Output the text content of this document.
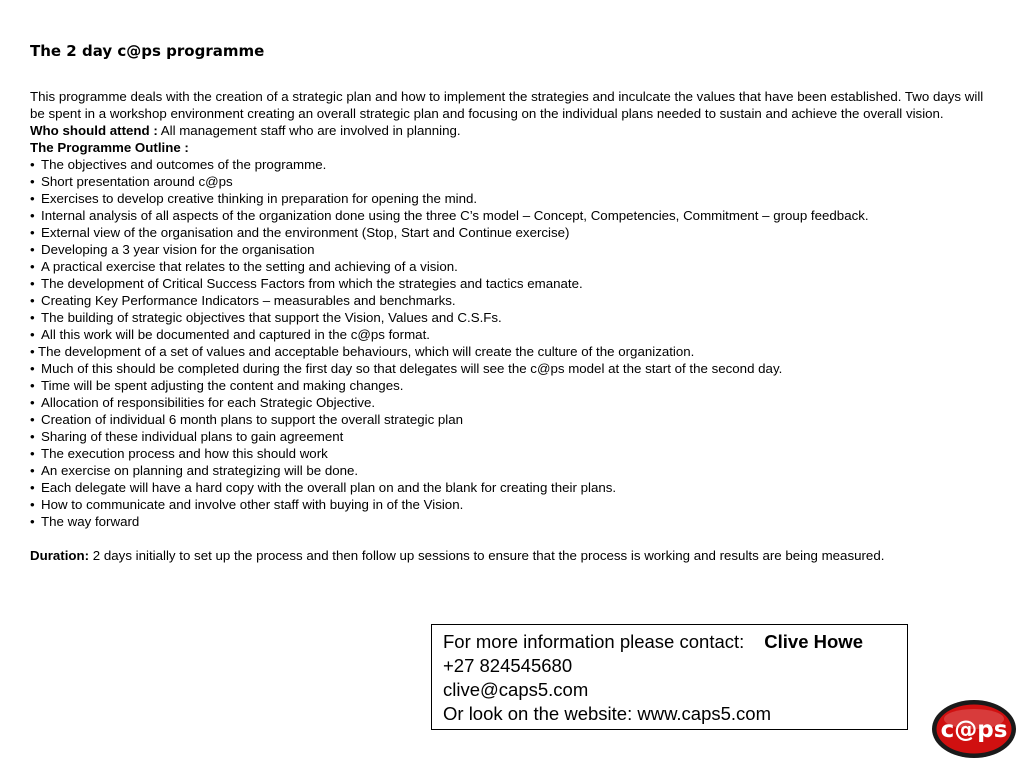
The 2 day c@ps programme

This programme deals with the creation of a strategic plan and how to implement the strategies and inculcate the values that have been established. Two days will be spent in a workshop environment creating an overall strategic plan and focusing on the individual plans needed to sustain and achieve the overall vision.

Who should attend : All management staff who are involved in planning.

The Programme Outline :

• The objectives and outcomes of the programme.
• Short presentation around c@ps
• Exercises to develop creative thinking in preparation for opening the mind.
• Internal analysis of all aspects of the organization done using the three C’s model – Concept, Competencies, Commitment – group feedback.
• External view of the organisation and the environment (Stop, Start and Continue exercise)
• Developing a 3 year vision for the organisation
• A practical exercise that relates to the setting and achieving of a vision.
• The development of Critical Success Factors from which the strategies and tactics emanate.
• Creating Key Performance Indicators – measurables and benchmarks.
• The building of strategic objectives that support the Vision, Values and C.S.Fs.
• All this work will be documented and captured in the c@ps format.
• The development of a set of values and acceptable behaviours, which will create the culture of the organization.
• Much of this should be completed during the first day so that delegates will see the c@ps model at the start of the second day.
• Time will be spent adjusting the content and making changes.
• Allocation of responsibilities for each Strategic Objective.
• Creation of individual 6 month plans to support the overall strategic plan
• Sharing of these individual plans to gain agreement
• The execution process and how this should work
• An exercise on planning and strategizing will be done.
• Each delegate will have a hard copy with the overall plan on and the blank for creating their plans.
• How to communicate and involve other staff with buying in of the Vision.
• The way forward

Duration: 2 days initially to set up the process and then follow up sessions to ensure that the process is working and results are being measured.

For more information please contact: Clive Howe
+27 824545680
clive@caps5.com
Or look on the website: www.caps5.com
c@ps
